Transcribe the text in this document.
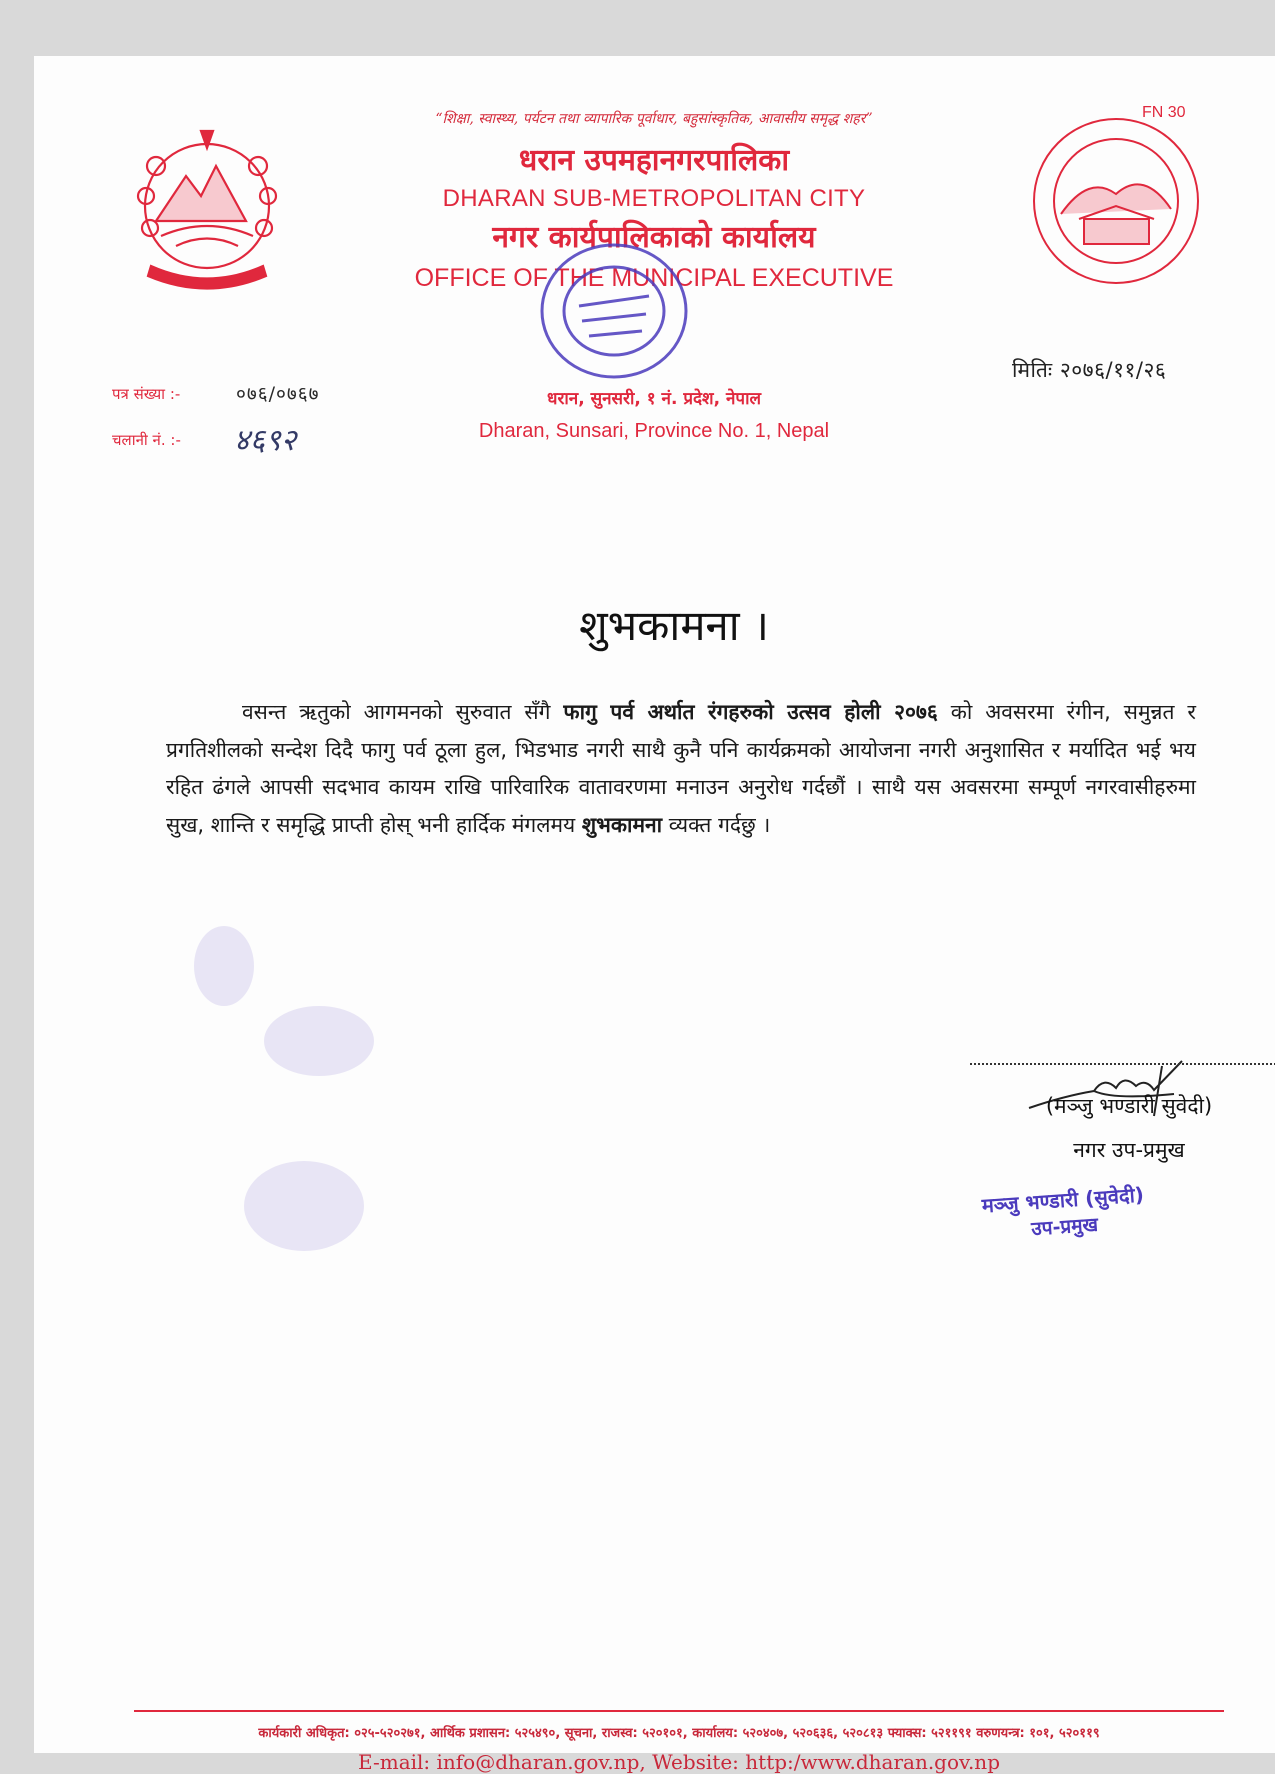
“शिक्षा, स्वास्थ्य, पर्यटन तथा व्यापारिक पूर्वाधार, बहुसांस्कृतिक, आवासीय समृद्ध शहर”	FN 30
धरान उपमहानगरपालिका
DHARAN SUB-METROPOLITAN CITY
नगर कार्यपालिकाको कार्यालय
OFFICE OF THE MUNICIPAL EXECUTIVE
पत्र संख्या :-	०७६/०७६७
चलानी नं. :- ४६९२
धरान, सुनसरी, १ नं. प्रदेश, नेपाल
Dharan, Sunsari, Province No. 1, Nepal
मितिः २०७६/११/२६
शुभकामना ।

वसन्त ऋतुको आगमनको सुरुवात सँगै फागु पर्व अर्थात रंगहरुको उत्सव होली २०७६ को अवसरमा रंगीन, समुन्नत र प्रगतिशीलको सन्देश दिदै फागु पर्व ठूला हुल, भिडभाड नगरी साथै कुनै पनि कार्यक्रमको आयोजना नगरी अनुशासित र मर्यादित भई भय रहित ढंगले आपसी सदभाव कायम राखि पारिवारिक वातावरणमा मनाउन अनुरोध गर्दछौं । साथै यस अवसरमा सम्पूर्ण नगरवासीहरुमा सुख, शान्ति र समृद्धि प्राप्ती होस् भनी हार्दिक मंगलमय शुभकामना व्यक्त गर्दछु ।

(मञ्जु भण्डारी सुवेदी)
नगर उप-प्रमुख
मञ्जु भण्डारी (सुवेदी)
उप-प्रमुख
कार्यकारी अधिकृत: ०२५-५२०२७१, आर्थिक प्रशासन: ५२५४९०, सूचना, राजस्व: ५२०१०१, कार्यालय: ५२०४०७, ५२०६३६, ५२०८१३ फ्याक्स: ५२११९१ वरुणयन्त्र: १०१, ५२०११९
E-mail: info@dharan.gov.np, Website: http:/www.dharan.gov.np
